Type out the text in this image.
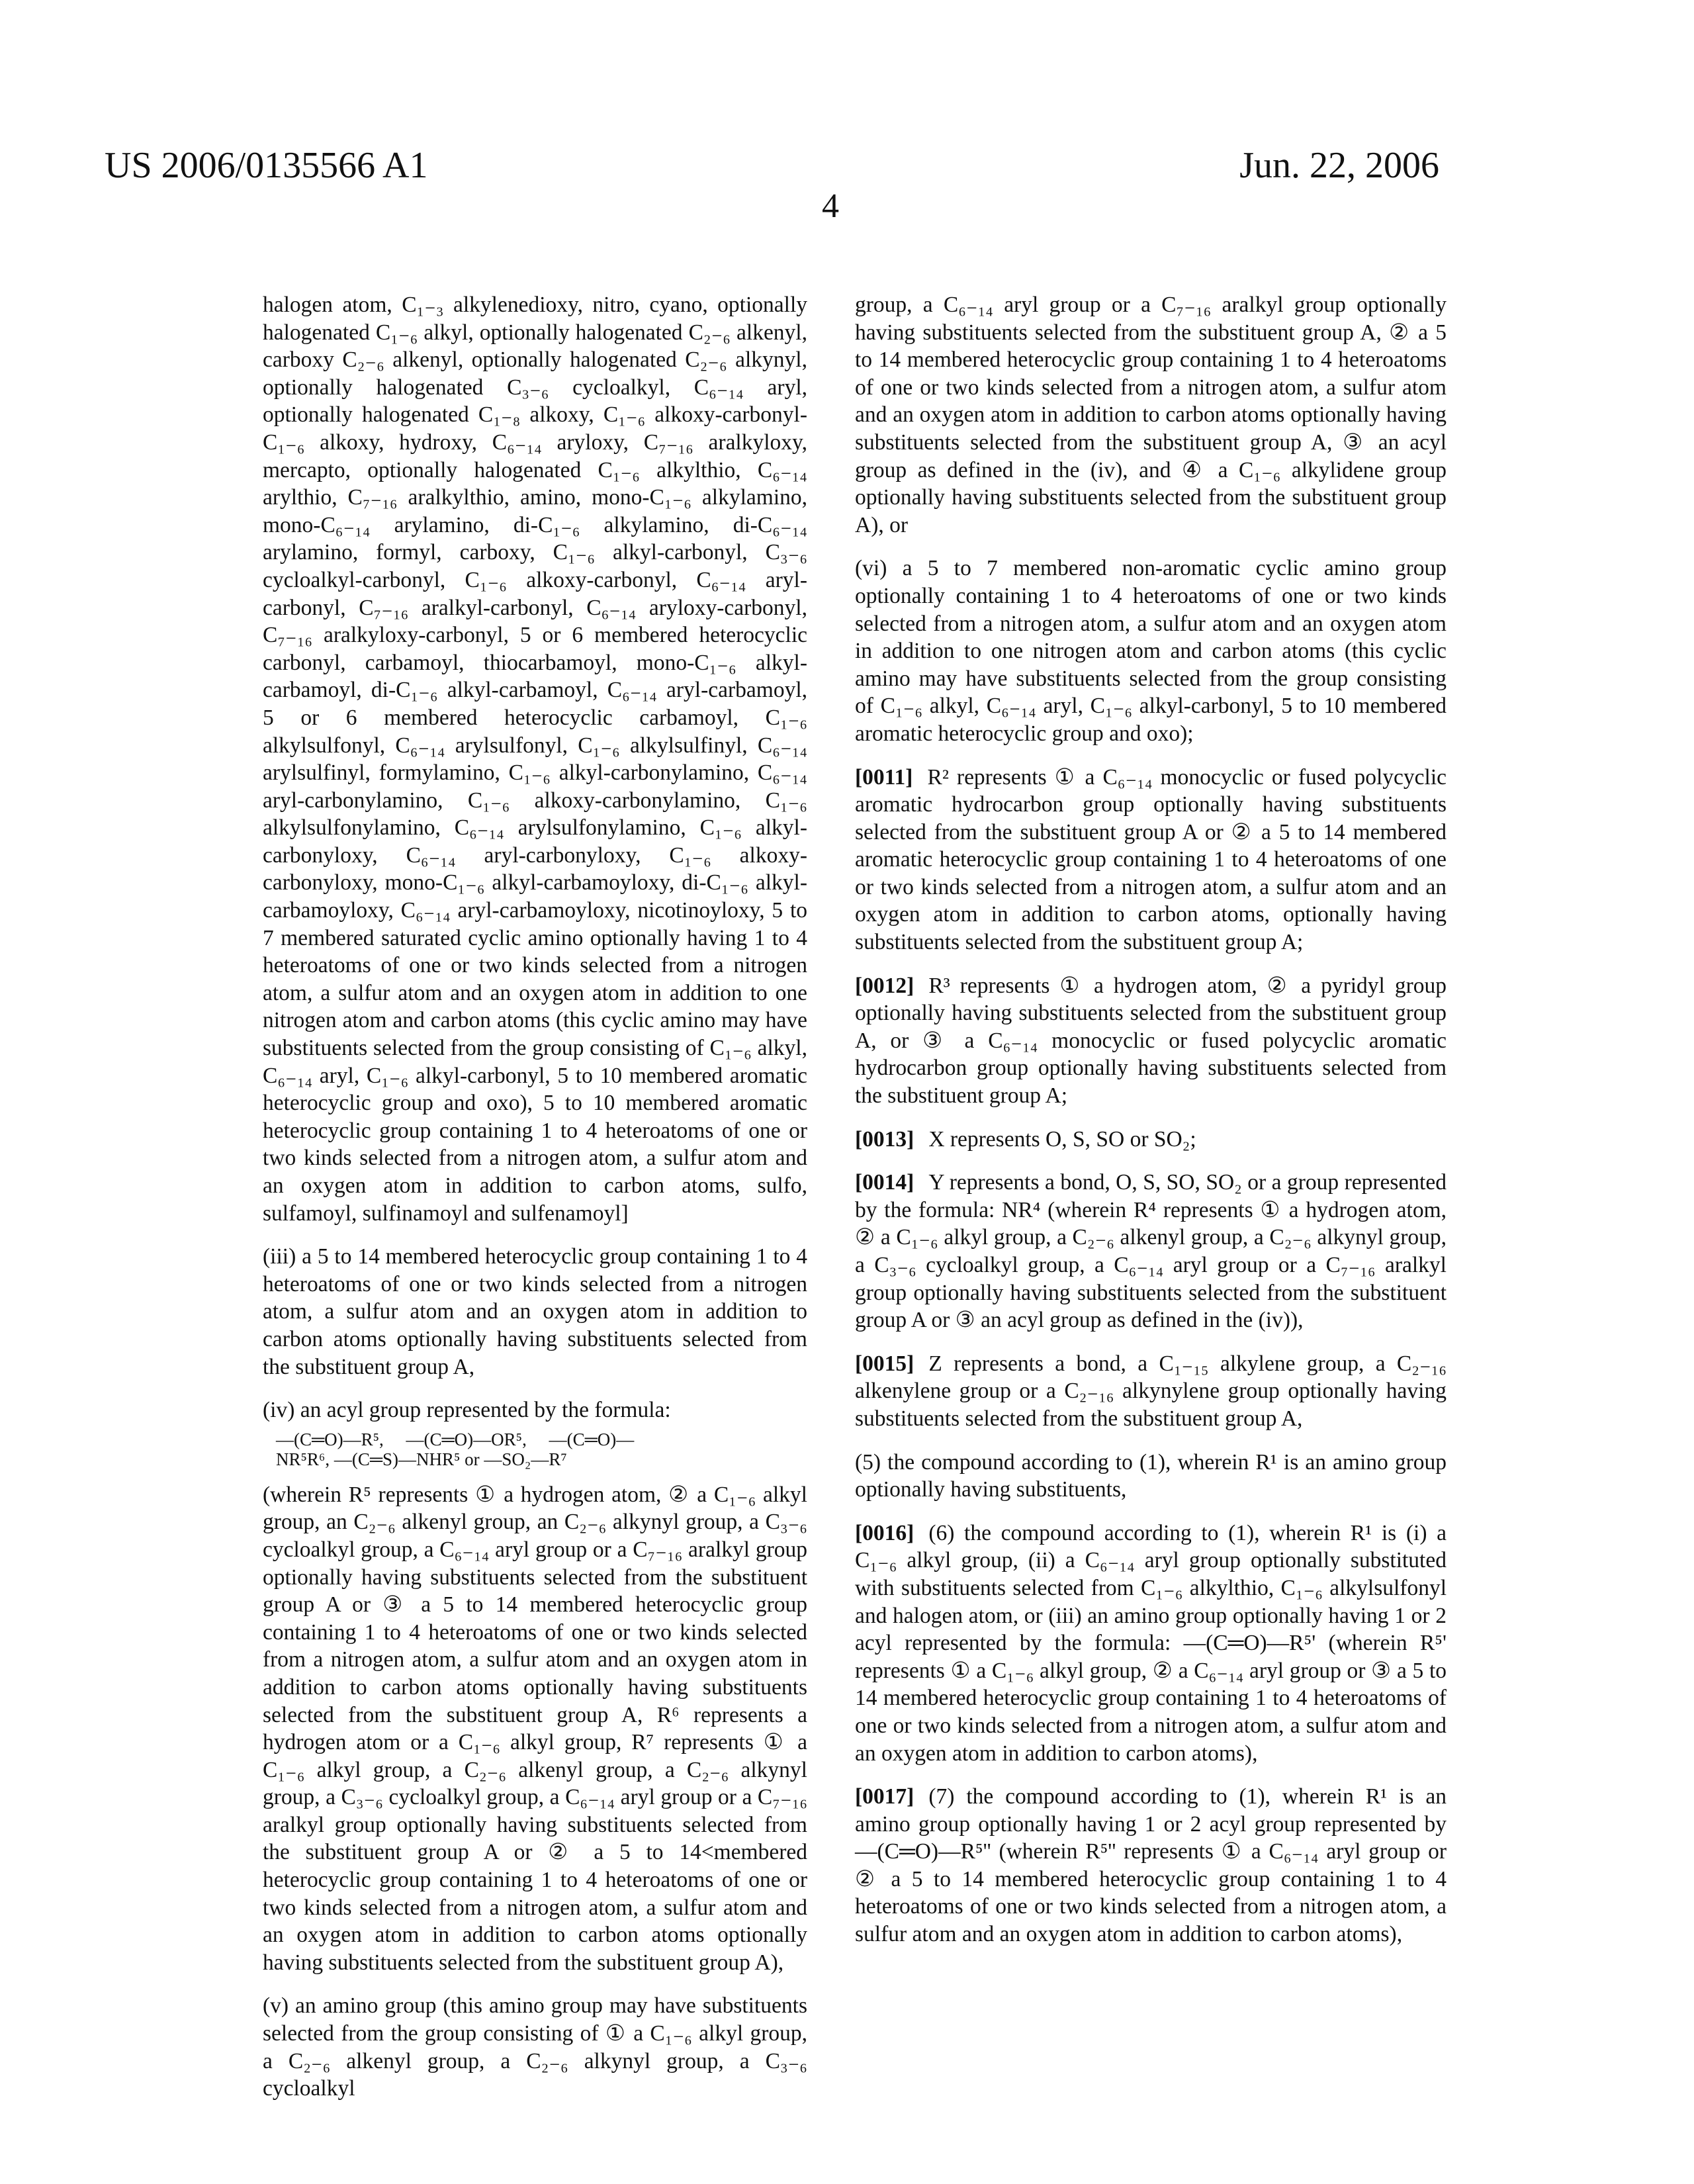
US 2006/0135566 A1	Jun. 22, 2006
4

halogen atom, C₁₋₃ alkylenedioxy, nitro, cyano, optionally halogenated C₁₋₆ alkyl, optionally halogenated C₂₋₆ alkenyl, carboxy C₂₋₆ alkenyl, optionally halogenated C₂₋₆ alkynyl, optionally halogenated C₃₋₆ cycloalkyl, C₆₋₁₄ aryl, optionally halogenated C₁₋₈ alkoxy, C₁₋₆ alkoxy-carbonyl-C₁₋₆ alkoxy, hydroxy, C₆₋₁₄ aryloxy, C₇₋₁₆ aralkyloxy, mercapto, optionally halogenated C₁₋₆ alkylthio, C₆₋₁₄ arylthio, C₇₋₁₆ aralkylthio, amino, mono-C₁₋₆ alkylamino, mono-C₆₋₁₄ arylamino, di-C₁₋₆ alkylamino, di-C₆₋₁₄ arylamino, formyl, carboxy, C₁₋₆ alkyl-carbonyl, C₃₋₆ cycloalkyl-carbonyl, C₁₋₆ alkoxy-carbonyl, C₆₋₁₄ aryl-carbonyl, C₇₋₁₆ aralkyl-carbonyl, C₆₋₁₄ aryloxy-carbonyl, C₇₋₁₆ aralkyloxy-carbonyl, 5 or 6 membered heterocyclic carbonyl, carbamoyl, thiocarbamoyl, mono-C₁₋₆ alkyl-carbamoyl, di-C₁₋₆ alkyl-carbamoyl, C₆₋₁₄ aryl-carbamoyl, 5 or 6 membered heterocyclic carbamoyl, C₁₋₆ alkylsulfonyl, C₆₋₁₄ arylsulfonyl, C₁₋₆ alkylsulfinyl, C₆₋₁₄ arylsulfinyl, formylamino, C₁₋₆ alkyl-carbonylamino, C₆₋₁₄ aryl-carbonylamino, C₁₋₆ alkoxy-carbonylamino, C₁₋₆ alkylsulfonylamino, C₆₋₁₄ arylsulfonylamino, C₁₋₆ alkyl-carbonyloxy, C₆₋₁₄ aryl-carbonyloxy, C₁₋₆ alkoxy-carbonyloxy, mono-C₁₋₆ alkyl-carbamoyloxy, di-C₁₋₆ alkyl-carbamoyloxy, C₆₋₁₄ aryl-carbamoyloxy, nicotinoyloxy, 5 to 7 membered saturated cyclic amino optionally having 1 to 4 heteroatoms of one or two kinds selected from a nitrogen atom, a sulfur atom and an oxygen atom in addition to one nitrogen atom and carbon atoms (this cyclic amino may have substituents selected from the group consisting of C₁₋₆ alkyl, C₆₋₁₄ aryl, C₁₋₆ alkyl-carbonyl, 5 to 10 membered aromatic heterocyclic group and oxo), 5 to 10 membered aromatic heterocyclic group containing 1 to 4 heteroatoms of one or two kinds selected from a nitrogen atom, a sulfur atom and an oxygen atom in addition to carbon atoms, sulfo, sulfamoyl, sulfinamoyl and sulfenamoyl]

(iii) a 5 to 14 membered heterocyclic group containing 1 to 4 heteroatoms of one or two kinds selected from a nitrogen atom, a sulfur atom and an oxygen atom in addition to carbon atoms optionally having substituents selected from the substituent group A,

(iv) an acyl group represented by the formula:

—(C═O)—R⁵,     —(C═O)—OR⁵,     —(C═O)—
NR⁵R⁶, —(C═S)—NHR⁵ or —SO₂—R⁷

(wherein R⁵ represents ① a hydrogen atom, ② a C₁₋₆ alkyl group, an C₂₋₆ alkenyl group, an C₂₋₆ alkynyl group, a C₃₋₆ cycloalkyl group, a C₆₋₁₄ aryl group or a C₇₋₁₆ aralkyl group optionally having substituents selected from the substituent group A or ③ a 5 to 14 membered heterocyclic group containing 1 to 4 heteroatoms of one or two kinds selected from a nitrogen atom, a sulfur atom and an oxygen atom in addition to carbon atoms optionally having substituents selected from the substituent group A, R⁶ represents a hydrogen atom or a C₁₋₆ alkyl group, R⁷ represents ① a C₁₋₆ alkyl group, a C₂₋₆ alkenyl group, a C₂₋₆ alkynyl group, a C₃₋₆ cycloalkyl group, a C₆₋₁₄ aryl group or a C₇₋₁₆ aralkyl group optionally having substituents selected from the substituent group A or ② a 5 to 14<membered heterocyclic group containing 1 to 4 heteroatoms of one or two kinds selected from a nitrogen atom, a sulfur atom and an oxygen atom in addition to carbon atoms optionally having substituents selected from the substituent group A),

(v) an amino group (this amino group may have substituents selected from the group consisting of ① a C₁₋₆ alkyl group, a C₂₋₆ alkenyl group, a C₂₋₆ alkynyl group, a C₃₋₆ cycloalkyl

group, a C₆₋₁₄ aryl group or a C₇₋₁₆ aralkyl group optionally having substituents selected from the substituent group A, ② a 5 to 14 membered heterocyclic group containing 1 to 4 heteroatoms of one or two kinds selected from a nitrogen atom, a sulfur atom and an oxygen atom in addition to carbon atoms optionally having substituents selected from the substituent group A, ③ an acyl group as defined in the (iv), and ④ a C₁₋₆ alkylidene group optionally having substituents selected from the substituent group A), or

(vi) a 5 to 7 membered non-aromatic cyclic amino group optionally containing 1 to 4 heteroatoms of one or two kinds selected from a nitrogen atom, a sulfur atom and an oxygen atom in addition to one nitrogen atom and carbon atoms (this cyclic amino may have substituents selected from the group consisting of C₁₋₆ alkyl, C₆₋₁₄ aryl, C₁₋₆ alkyl-carbonyl, 5 to 10 membered aromatic heterocyclic group and oxo);

[0011] R² represents ① a C₆₋₁₄ monocyclic or fused polycyclic aromatic hydrocarbon group optionally having substituents selected from the substituent group A or ② a 5 to 14 membered aromatic heterocyclic group containing 1 to 4 heteroatoms of one or two kinds selected from a nitrogen atom, a sulfur atom and an oxygen atom in addition to carbon atoms, optionally having substituents selected from the substituent group A;

[0012] R³ represents ① a hydrogen atom, ② a pyridyl group optionally having substituents selected from the substituent group A, or ③ a C₆₋₁₄ monocyclic or fused polycyclic aromatic hydrocarbon group optionally having substituents selected from the substituent group A;

[0013] X represents O, S, SO or SO₂;

[0014] Y represents a bond, O, S, SO, SO₂ or a group represented by the formula: NR⁴ (wherein R⁴ represents ① a hydrogen atom, ② a C₁₋₆ alkyl group, a C₂₋₆ alkenyl group, a C₂₋₆ alkynyl group, a C₃₋₆ cycloalkyl group, a C₆₋₁₄ aryl group or a C₇₋₁₆ aralkyl group optionally having substituents selected from the substituent group A or ③ an acyl group as defined in the (iv)),

[0015] Z represents a bond, a C₁₋₁₅ alkylene group, a C₂₋₁₆ alkenylene group or a C₂₋₁₆ alkynylene group optionally having substituents selected from the substituent group A,

(5) the compound according to (1), wherein R¹ is an amino group optionally having substituents,

[0016] (6) the compound according to (1), wherein R¹ is (i) a C₁₋₆ alkyl group, (ii) a C₆₋₁₄ aryl group optionally substituted with substituents selected from C₁₋₆ alkylthio, C₁₋₆ alkylsulfonyl and halogen atom, or (iii) an amino group optionally having 1 or 2 acyl represented by the formula: —(C═O)—R⁵' (wherein R⁵' represents ① a C₁₋₆ alkyl group, ② a C₆₋₁₄ aryl group or ③ a 5 to 14 membered heterocyclic group containing 1 to 4 heteroatoms of one or two kinds selected from a nitrogen atom, a sulfur atom and an oxygen atom in addition to carbon atoms),

[0017] (7) the compound according to (1), wherein R¹ is an amino group optionally having 1 or 2 acyl group represented by —(C═O)—R⁵'' (wherein R⁵'' represents ① a C₆₋₁₄ aryl group or ② a 5 to 14 membered heterocyclic group containing 1 to 4 heteroatoms of one or two kinds selected from a nitrogen atom, a sulfur atom and an oxygen atom in addition to carbon atoms),
